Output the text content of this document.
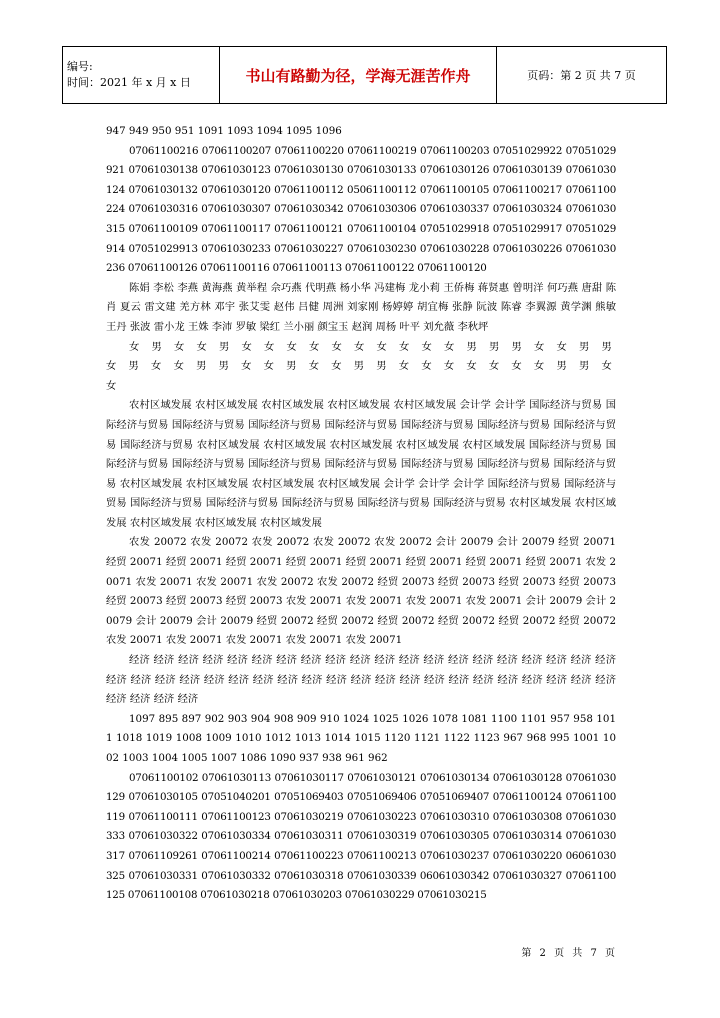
编号:
时间：2021 年 x 月 x 日	书山有路勤为径，学海无涯苦作舟	页码：第 2 页 共 7 页

947 949 950 951 1091 1093 1094 1095 1096

07061100216 07061100207 07061100220 07061100219 07061100203 07051029922 07051029921 07061030138 07061030123 07061030130 07061030133 07061030126 07061030139 07061030124 07061030132 07061030120 07061100112 05061100112 07061100105 07061100217 07061100224 07061030316 07061030307 07061030342 07061030306 07061030337 07061030324 07061030315 07061100109 07061100117 07061100121 07061100104 07051029918 07051029917 07051029914 07051029913 07061030233 07061030227 07061030230 07061030228 07061030226 07061030236 07061100126 07061100116 07061100113 07061100122 07061100120

陈娟 李松 李燕 黄海燕 黄举程 佘巧燕 代明燕 杨小华 冯建梅 龙小莉 王侨梅 蒋贤惠 曾明洋 何巧燕 唐甜 陈肖 夏云 雷文建 羌方林 邓宇 张艾雯 赵伟 吕健 周洲 刘家刚 杨婷婷 胡宜梅 张静 阮波 陈睿 李翼源 黄学渊 熊敏 王丹 张波 雷小龙 王姝 李沛 罗敏 梁红 兰小丽 颜宝玉 赵润 周杨 叶平 刘允薇 李秋坪

女 男 女 女 男 女 女 女 女 女 女 女 女 女 女 男 男 男 女 女 男 男 女 男 女 女 男 男 女 女 男 女 女 男 男 女 女 女 女 女 女 女 男 男 女 女

农村区域发展 农村区域发展 农村区域发展 农村区域发展 农村区域发展 会计学 会计学 国际经济与贸易 国际经济与贸易 国际经济与贸易 国际经济与贸易 国际经济与贸易 国际经济与贸易 国际经济与贸易 国际经济与贸易 国际经济与贸易 农村区域发展 农村区域发展 农村区域发展 农村区域发展 农村区域发展 国际经济与贸易 国际经济与贸易 国际经济与贸易 国际经济与贸易 国际经济与贸易 国际经济与贸易 国际经济与贸易 国际经济与贸易 农村区域发展 农村区域发展 农村区域发展 农村区域发展 会计学 会计学 会计学 国际经济与贸易 国际经济与贸易 国际经济与贸易 国际经济与贸易 国际经济与贸易 国际经济与贸易 国际经济与贸易 农村区域发展 农村区域发展 农村区域发展 农村区域发展 农村区域发展

农发 20072 农发 20072 农发 20072 农发 20072 农发 20072 会计 20079 会计 20079 经贸 20071 经贸 20071 经贸 20071 经贸 20071 经贸 20071 经贸 20071 经贸 20071 经贸 20071 经贸 20071 农发 20071 农发 20071 农发 20071 农发 20072 农发 20072 经贸 20073 经贸 20073 经贸 20073 经贸 20073 经贸 20073 经贸 20073 经贸 20073 农发 20071 农发 20071 农发 20071 农发 20071 会计 20079 会计 20079 会计 20079 会计 20079 经贸 20072 经贸 20072 经贸 20072 经贸 20072 经贸 20072 经贸 20072 农发 20071 农发 20071 农发 20071 农发 20071 农发 20071

经济 经济 经济 经济 经济 经济 经济 经济 经济 经济 经济 经济 经济 经济 经济 经济 经济 经济 经济 经济 经济 经济 经济 经济 经济 经济 经济 经济 经济 经济 经济 经济 经济 经济 经济 经济 经济 经济 经济 经济 经济 经济 经济 经济 经济

1097 895 897 902 903 904 908 909 910 1024 1025 1026 1078 1081 1100 1101 957 958 1011 1018 1019 1008 1009 1010 1012 1013 1014 1015 1120 1121 1122 1123 967 968 995 1001 1002 1003 1004 1005 1007 1086 1090 937 938 961 962

07061100102 07061030113 07061030117 07061030121 07061030134 07061030128 07061030129 07061030105 07051040201 07051069403 07051069406 07051069407 07061100124 07061100119 07061100111 07061100123 07061030219 07061030223 07061030310 07061030308 07061030333 07061030322 07061030334 07061030311 07061030319 07061030305 07061030314 07061030317 07061109261 07061100214 07061100223 07061100213 07061030237 07061030220 06061030325 07061030331 07061030332 07061030318 07061030339 06061030342 07061030327 07061100125 07061100108 07061030218 07061030203 07061030229 07061030215

第 2 页 共 7 页
